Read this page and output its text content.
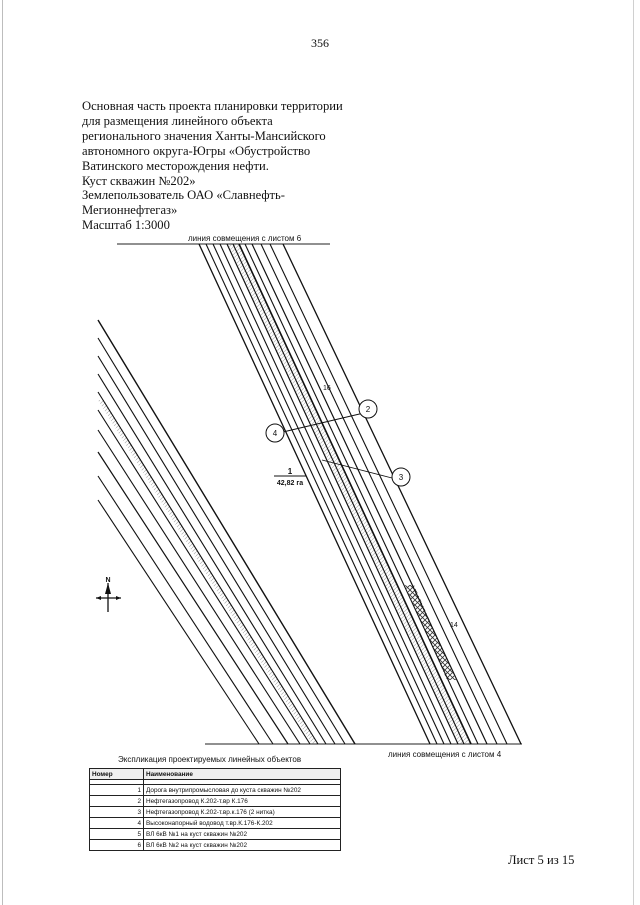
356
Основная часть проекта планировки территории
для размещения линейного объекта
регионального значения Ханты-Мансийского
автономного округа-Югры «Обустройство
Ватинского месторождения нефти.
Куст скважин №202»
Землепользователь ОАО «Славнефть-
Мегионнефтегаз»
Масштаб 1:3000
линия совмещения с листом 6
линия совмещения с листом 4
2
3
4
16
14
1
42,82 га
N
Экспликация проектируемых линейных объектов
Номер	Наименование

1	Дорога внутрипромысловая до куста скважин №202
2	Нефтегазопровод К.202-т.вр К.176
3	Нефтегазопровод К.202-т.вр.к.176 (2 нитка)
4	Высоконапорный водовод т.вр.К.176-К.202
5	ВЛ 6кВ №1 на куст скважин №202
6	ВЛ 6кВ №2 на куст скважин №202
Лист 5 из 15
